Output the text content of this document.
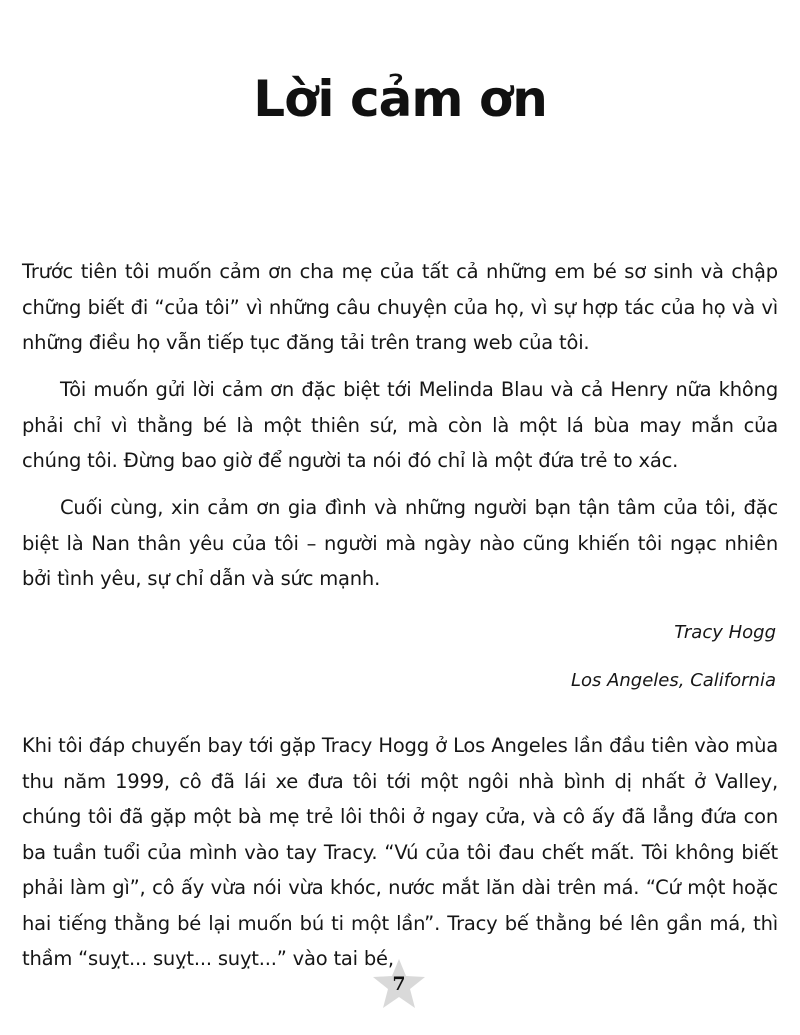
Lời cảm ơn

Trước tiên tôi muốn cảm ơn cha mẹ của tất cả những em bé sơ sinh và chập chững biết đi “của tôi” vì những câu chuyện của họ, vì sự hợp tác của họ và vì những điều họ vẫn tiếp tục đăng tải trên trang web của tôi.

Tôi muốn gửi lời cảm ơn đặc biệt tới Melinda Blau và cả Henry nữa không phải chỉ vì thằng bé là một thiên sứ, mà còn là một lá bùa may mắn của chúng tôi. Đừng bao giờ để người ta nói đó chỉ là một đứa trẻ to xác.

Cuối cùng, xin cảm ơn gia đình và những người bạn tận tâm của tôi, đặc biệt là Nan thân yêu của tôi – người mà ngày nào cũng khiến tôi ngạc nhiên bởi tình yêu, sự chỉ dẫn và sức mạnh.

Tracy Hogg

Los Angeles, California

Khi tôi đáp chuyến bay tới gặp Tracy Hogg ở Los Angeles lần đầu tiên vào mùa thu năm 1999, cô đã lái xe đưa tôi tới một ngôi nhà bình dị nhất ở Valley, chúng tôi đã gặp một bà mẹ trẻ lôi thôi ở ngay cửa, và cô ấy đã lẳng đứa con ba tuần tuổi của mình vào tay Tracy. “Vú của tôi đau chết mất. Tôi không biết phải làm gì”, cô ấy vừa nói vừa khóc, nước mắt lăn dài trên má. “Cứ một hoặc hai tiếng thằng bé lại muốn bú ti một lần”. Tracy bế thằng bé lên gần má, thì thầm “suỵt... suỵt... suỵt...” vào tai bé,

7
